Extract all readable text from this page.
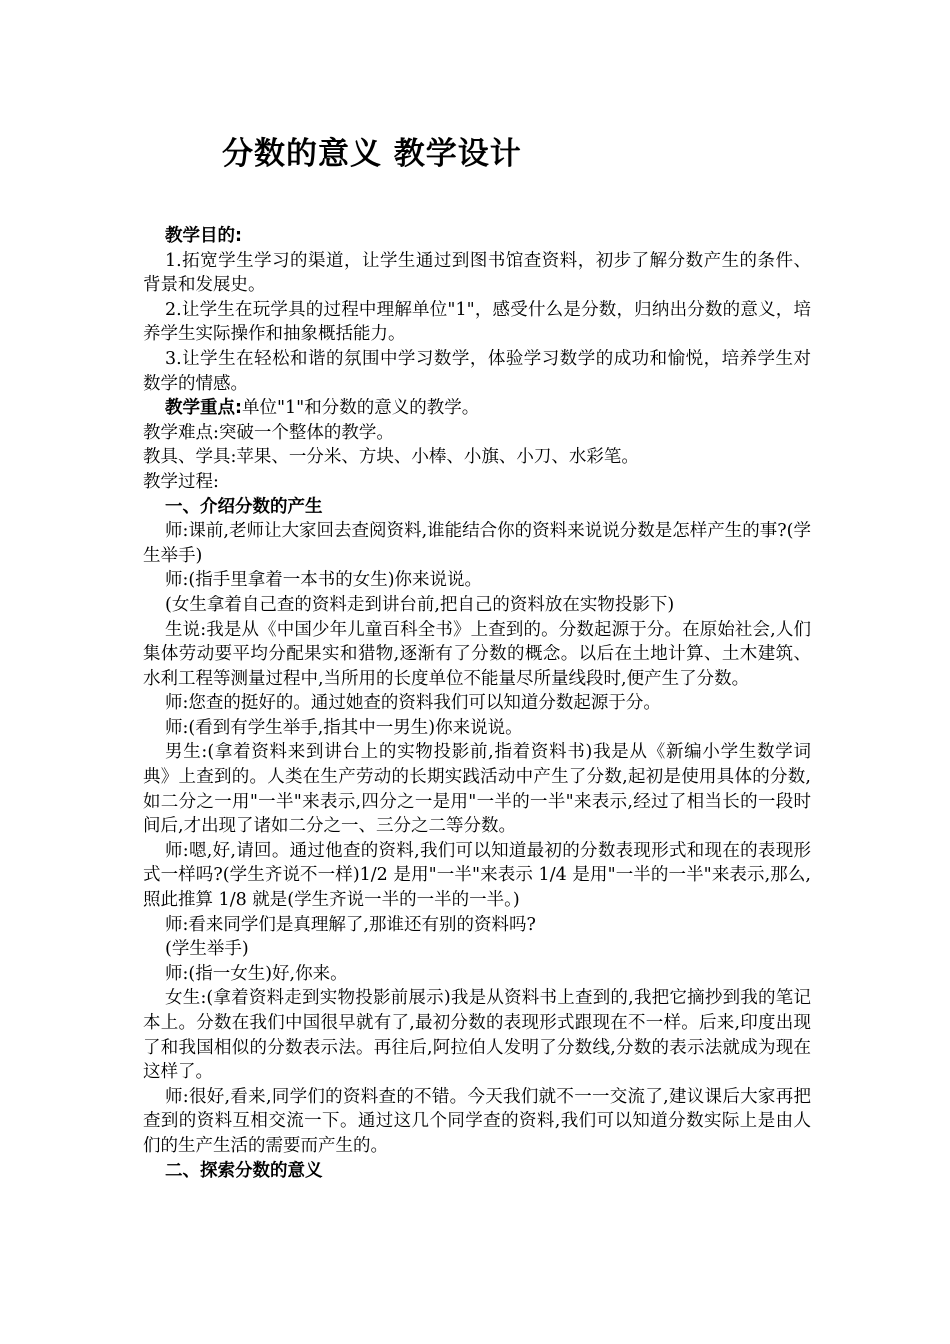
分数的意义 教学设计

教学目的:

1.拓宽学生学习的渠道，让学生通过到图书馆查资料，初步了解分数产生的条件、背景和发展史。

2.让学生在玩学具的过程中理解单位"1"，感受什么是分数，归纳出分数的意义，培养学生实际操作和抽象概括能力。

3.让学生在轻松和谐的氛围中学习数学，体验学习数学的成功和愉悦，培养学生对数学的情感。

教学重点:单位"1"和分数的意义的教学。

教学难点:突破一个整体的教学。

教具、学具:苹果、一分米、方块、小棒、小旗、小刀、水彩笔。

教学过程:

一、介绍分数的产生

师:课前,老师让大家回去查阅资料,谁能结合你的资料来说说分数是怎样产生的事?(学生举手)

师:(指手里拿着一本书的女生)你来说说。

(女生拿着自己查的资料走到讲台前,把自己的资料放在实物投影下)

生说:我是从《中国少年儿童百科全书》上查到的。分数起源于分。在原始社会,人们集体劳动要平均分配果实和猎物,逐渐有了分数的概念。以后在土地计算、土木建筑、水利工程等测量过程中,当所用的长度单位不能量尽所量线段时,便产生了分数。

师:您查的挺好的。通过她查的资料我们可以知道分数起源于分。

师:(看到有学生举手,指其中一男生)你来说说。

男生:(拿着资料来到讲台上的实物投影前,指着资料书)我是从《新编小学生数学词典》上查到的。人类在生产劳动的长期实践活动中产生了分数,起初是使用具体的分数,如二分之一用"一半"来表示,四分之一是用"一半的一半"来表示,经过了相当长的一段时间后,才出现了诸如二分之一、三分之二等分数。

师:嗯,好,请回。通过他查的资料,我们可以知道最初的分数表现形式和现在的表现形式一样吗?(学生齐说不一样)1/2 是用"一半"来表示 1/4 是用"一半的一半"来表示,那么,照此推算 1/8 就是(学生齐说一半的一半的一半。)

师:看来同学们是真理解了,那谁还有别的资料吗?

(学生举手)

师:(指一女生)好,你来。

女生:(拿着资料走到实物投影前展示)我是从资料书上查到的,我把它摘抄到我的笔记本上。分数在我们中国很早就有了,最初分数的表现形式跟现在不一样。后来,印度出现了和我国相似的分数表示法。再往后,阿拉伯人发明了分数线,分数的表示法就成为现在这样了。

师:很好,看来,同学们的资料查的不错。今天我们就不一一交流了,建议课后大家再把查到的资料互相交流一下。通过这几个同学查的资料,我们可以知道分数实际上是由人们的生产生活的需要而产生的。

二、探索分数的意义
